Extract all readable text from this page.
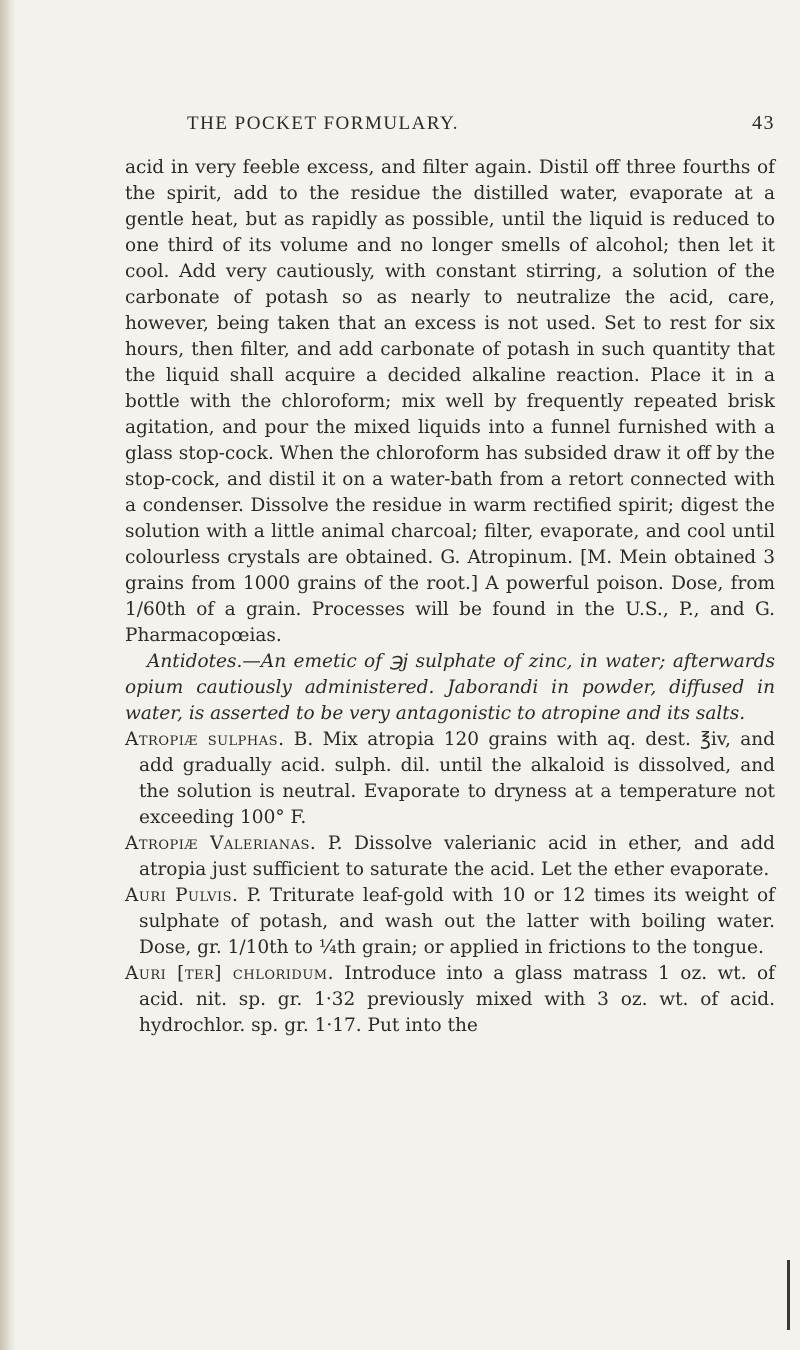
THE POCKET FORMULARY.	43

acid in very feeble excess, and filter again. Distil off three fourths of the spirit, add to the residue the distilled water, evaporate at a gentle heat, but as rapidly as possible, until the liquid is reduced to one third of its volume and no longer smells of alcohol; then let it cool. Add very cautiously, with constant stirring, a solution of the carbonate of potash so as nearly to neutralize the acid, care, however, being taken that an excess is not used. Set to rest for six hours, then filter, and add carbonate of potash in such quantity that the liquid shall acquire a decided alkaline reaction. Place it in a bottle with the chloroform; mix well by frequently repeated brisk agitation, and pour the mixed liquids into a funnel furnished with a glass stop-cock. When the chloroform has subsided draw it off by the stop-cock, and distil it on a water-bath from a retort connected with a condenser. Dissolve the residue in warm rectified spirit; digest the solution with a little animal charcoal; filter, evaporate, and cool until colourless crystals are obtained. G. Atropinum. [M. Mein obtained 3 grains from 1000 grains of the root.] A powerful poison. Dose, from 1/60th of a grain. Processes will be found in the U.S., P., and G. Pharmacopœias.

Antidotes.—An emetic of ℈j sulphate of zinc, in water; afterwards opium cautiously administered. Jaborandi in powder, diffused in water, is asserted to be very antagonistic to atropine and its salts.

Atropiæ sulphas. B. Mix atropia 120 grains with aq. dest. ℥iv, and add gradually acid. sulph. dil. until the alkaloid is dissolved, and the solution is neutral. Evaporate to dryness at a temperature not exceeding 100° F.

Atropiæ Valerianas. P. Dissolve valerianic acid in ether, and add atropia just sufficient to saturate the acid. Let the ether evaporate.

Auri Pulvis. P. Triturate leaf-gold with 10 or 12 times its weight of sulphate of potash, and wash out the latter with boiling water. Dose, gr. 1/10th to ¼th grain; or applied in frictions to the tongue.

Auri [ter] chloridum. Introduce into a glass matrass 1 oz. wt. of acid. nit. sp. gr. 1·32 previously mixed with 3 oz. wt. of acid. hydrochlor. sp. gr. 1·17. Put into the
